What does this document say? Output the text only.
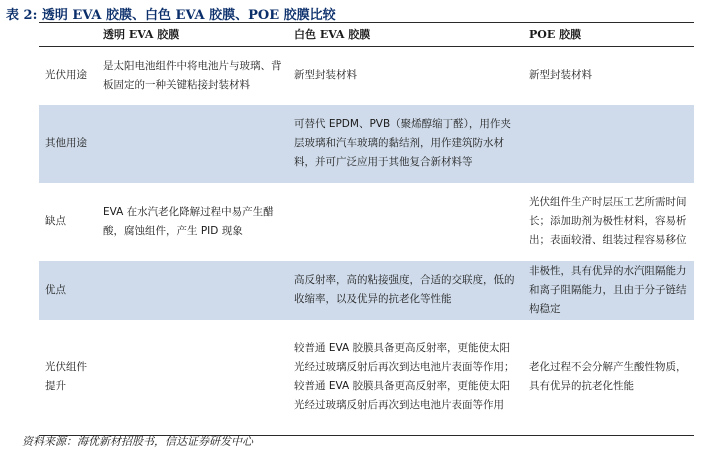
表 2: 透明 EVA 胶膜、白色 EVA 胶膜、POE 胶膜比较
	透明 EVA 胶膜	白色 EVA 胶膜	POE 胶膜
光伏用途	是太阳电池组件中将电池片与玻璃、背板固定的一种关键粘接封装材料	新型封装材料	新型封装材料
其他用途		可替代 EPDM、PVB（聚烯醇缩丁醛），用作夹层玻璃和汽车玻璃的黏结剂，用作建筑防水材料，并可广泛应用于其他复合新材料等	
缺点	EVA 在水汽老化降解过程中易产生醋酸，腐蚀组件，产生 PID 现象		光伏组件生产时层压工艺所需时间长；添加助剂为极性材料，容易析出；表面较滑、组装过程容易移位
优点		高反射率，高的粘接强度，合适的交联度，低的收缩率，以及优异的抗老化等性能	非极性，具有优异的水汽阻隔能力和离子阻隔能力，且由于分子链结构稳定
光伏组件提升		较普通 EVA 胶膜具备更高反射率，更能使太阳光经过玻璃反射后再次到达电池片表面等作用；较普通 EVA 胶膜具备更高反射率，更能使太阳光经过玻璃反射后再次到达电池片表面等作用	老化过程不会分解产生酸性物质，具有优异的抗老化性能
资料来源：海优新材招股书，信达证券研发中心
